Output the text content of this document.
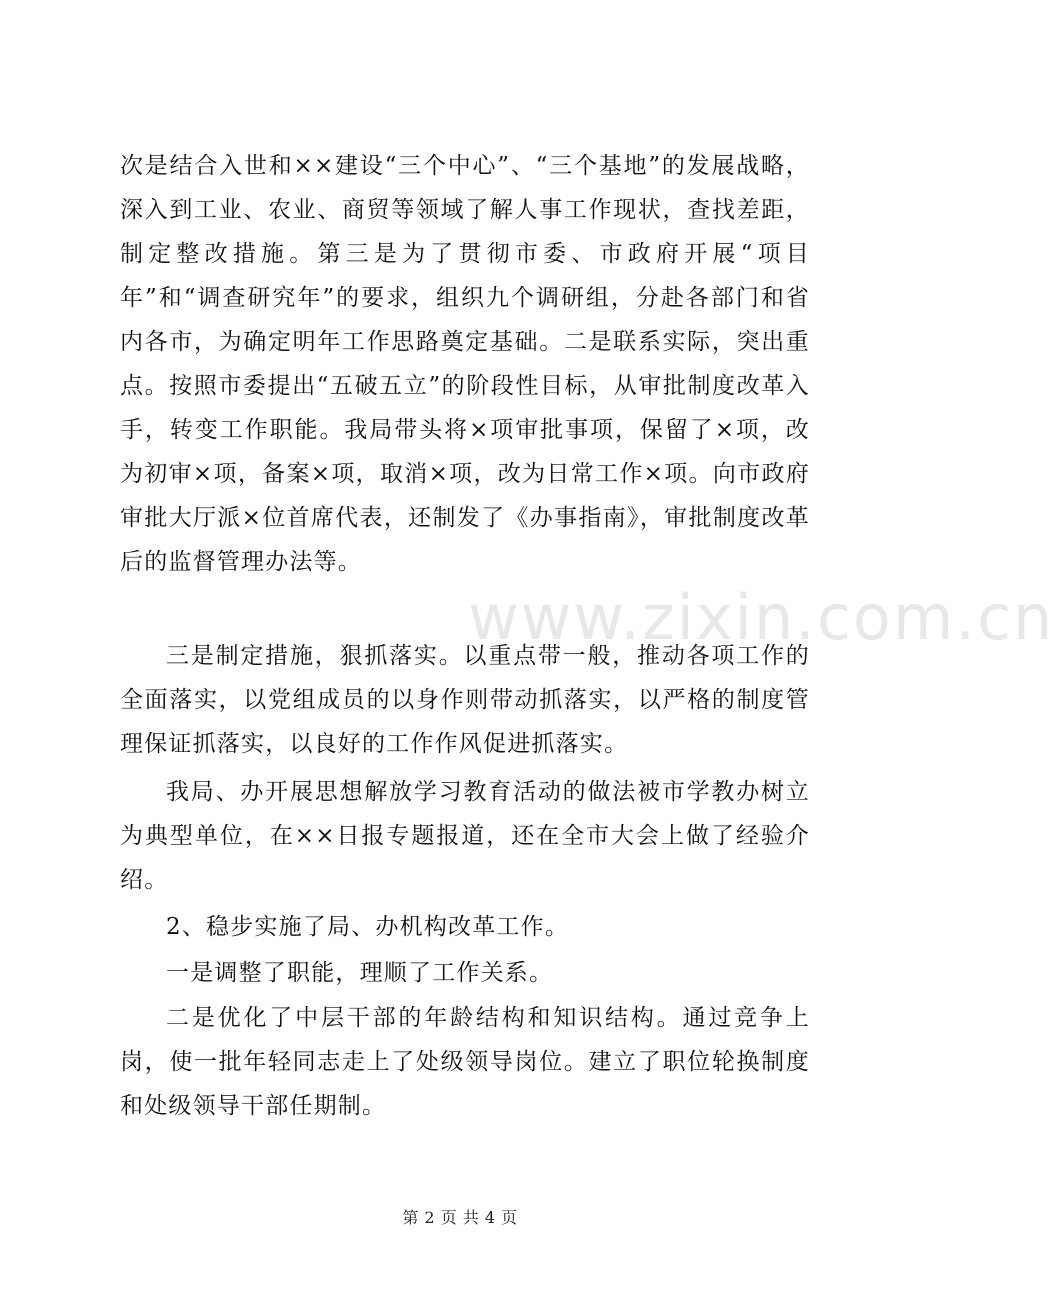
次是结合入世和××建设“三个中心”、“三个基地”的发展战略，深入到工业、农业、商贸等领域了解人事工作现状，查找差距，制定整改措施。第三是为了贯彻市委、市政府开展“项目年”和“调查研究年”的要求，组织九个调研组，分赴各部门和省内各市，为确定明年工作思路奠定基础。二是联系实际，突出重点。按照市委提出“五破五立”的阶段性目标，从审批制度改革入手，转变工作职能。我局带头将×项审批事项，保留了×项，改为初审×项，备案×项，取消×项，改为日常工作×项。向市政府审批大厅派×位首席代表，还制发了《办事指南》，审批制度改革后的监督管理办法等。

三是制定措施，狠抓落实。以重点带一般，推动各项工作的全面落实，以党组成员的以身作则带动抓落实，以严格的制度管理保证抓落实，以良好的工作作风促进抓落实。

我局、办开展思想解放学习教育活动的做法被市学教办树立为典型单位，在××日报专题报道，还在全市大会上做了经验介绍。

2、稳步实施了局、办机构改革工作。

一是调整了职能，理顺了工作关系。

二是优化了中层干部的年龄结构和知识结构。通过竞争上岗，使一批年轻同志走上了处级领导岗位。建立了职位轮换制度和处级领导干部任期制。

www.zixin.com.cn
第 2 页 共 4 页
